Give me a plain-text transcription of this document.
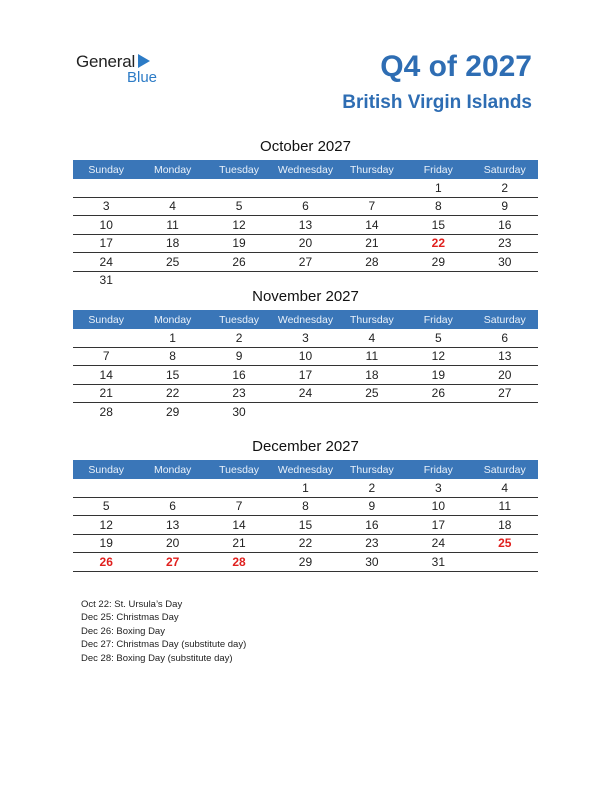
General
Blue	Q4 of 2027
British Virgin Islands
October 2027
Sunday	Monday	Tuesday	Wednesday	Thursday	Friday	Saturday
					1	2
3	4	5	6	7	8	9
10	11	12	13	14	15	16
17	18	19	20	21	22	23
24	25	26	27	28	29	30
31						
November 2027
Sunday	Monday	Tuesday	Wednesday	Thursday	Friday	Saturday
	1	2	3	4	5	6
7	8	9	10	11	12	13
14	15	16	17	18	19	20
21	22	23	24	25	26	27
28	29	30				
December 2027
Sunday	Monday	Tuesday	Wednesday	Thursday	Friday	Saturday
			1	2	3	4
5	6	7	8	9	10	11
12	13	14	15	16	17	18
19	20	21	22	23	24	25
26	27	28	29	30	31	
Oct 22: St. Ursula’s Day
Dec 25: Christmas Day
Dec 26: Boxing Day
Dec 27: Christmas Day (substitute day)
Dec 28: Boxing Day (substitute day)
